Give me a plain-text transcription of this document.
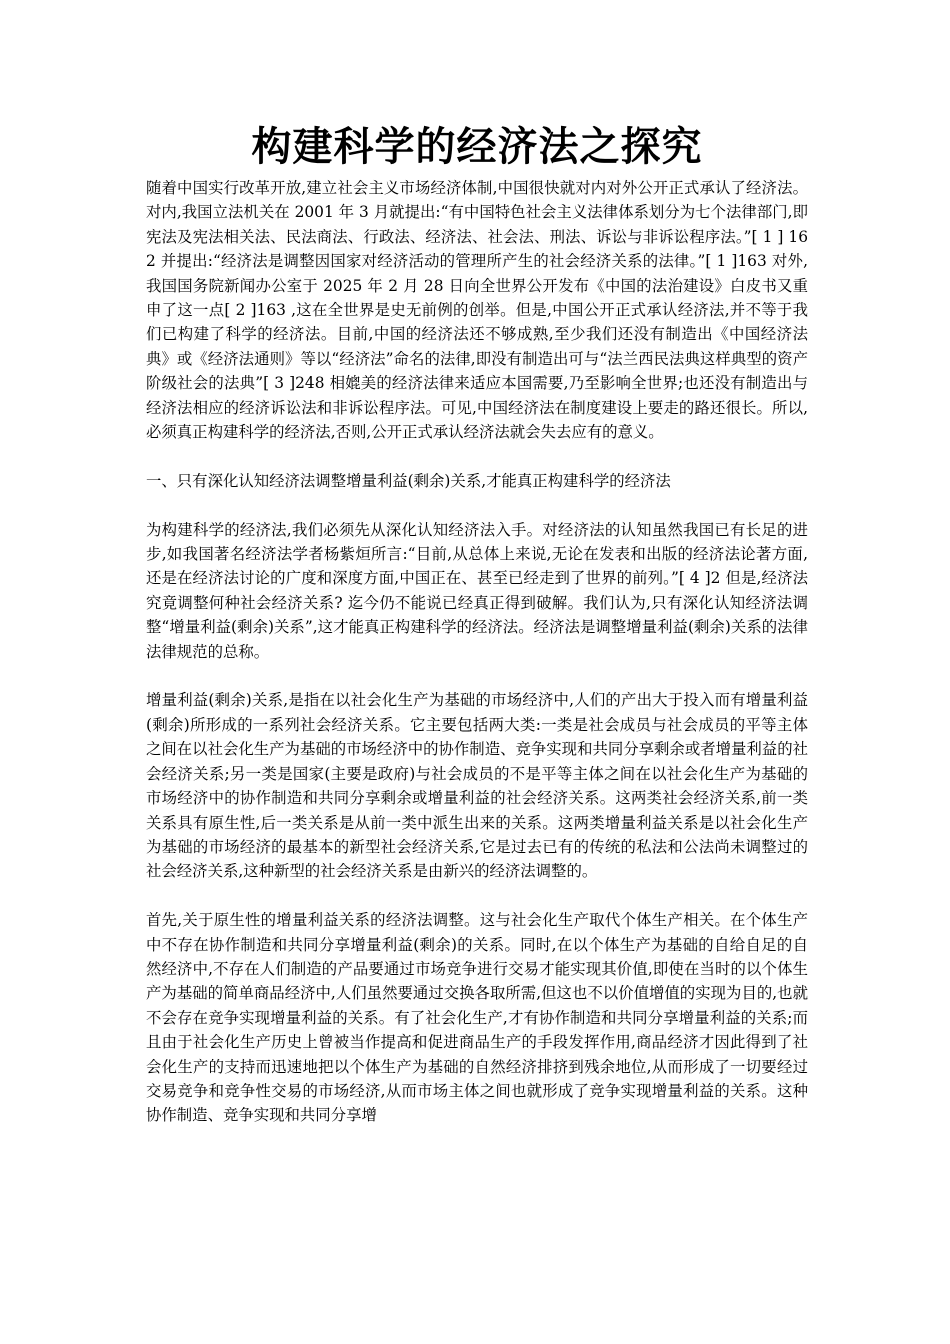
构建科学的经济法之探究

随着中国实行改革开放,建立社会主义市场经济体制,中国很快就对内对外公开正式承认了经济法。对内,我国立法机关在 2001 年 3 月就提出:“有中国特色社会主义法律体系划分为七个法律部门,即宪法及宪法相关法、民法商法、行政法、经济法、社会法、刑法、诉讼与非诉讼程序法。”[ 1 ] 162 并提出:“经济法是调整因国家对经济活动的管理所产生的社会经济关系的法律。”[ 1 ]163 对外,我国国务院新闻办公室于 2025 年 2 月 28 日向全世界公开发布《中国的法治建设》白皮书又重申了这一点[ 2 ]163 ,这在全世界是史无前例的创举。但是,中国公开正式承认经济法,并不等于我们已构建了科学的经济法。目前,中国的经济法还不够成熟,至少我们还没有制造出《中国经济法典》或《经济法通则》等以“经济法”命名的法律,即没有制造出可与“法兰西民法典这样典型的资产阶级社会的法典”[ 3 ]248 相媲美的经济法律来适应本国需要,乃至影响全世界;也还没有制造出与经济法相应的经济诉讼法和非诉讼程序法。可见,中国经济法在制度建设上要走的路还很长。所以,必须真正构建科学的经济法,否则,公开正式承认经济法就会失去应有的意义。

一、只有深化认知经济法调整增量利益(剩余)关系,才能真正构建科学的经济法

为构建科学的经济法,我们必须先从深化认知经济法入手。对经济法的认知虽然我国已有长足的进步,如我国著名经济法学者杨紫烜所言:“目前,从总体上来说,无论在发表和出版的经济法论著方面,还是在经济法讨论的广度和深度方面,中国正在、甚至已经走到了世界的前列。”[ 4 ]2 但是,经济法究竟调整何种社会经济关系? 迄今仍不能说已经真正得到破解。我们认为,只有深化认知经济法调整“增量利益(剩余)关系”,这才能真正构建科学的经济法。经济法是调整增量利益(剩余)关系的法律法律规范的总称。

增量利益(剩余)关系,是指在以社会化生产为基础的市场经济中,人们的产出大于投入而有增量利益(剩余)所形成的一系列社会经济关系。它主要包括两大类:一类是社会成员与社会成员的平等主体之间在以社会化生产为基础的市场经济中的协作制造、竞争实现和共同分享剩余或者增量利益的社会经济关系;另一类是国家(主要是政府)与社会成员的不是平等主体之间在以社会化生产为基础的市场经济中的协作制造和共同分享剩余或增量利益的社会经济关系。这两类社会经济关系,前一类关系具有原生性,后一类关系是从前一类中派生出来的关系。这两类增量利益关系是以社会化生产为基础的市场经济的最基本的新型社会经济关系,它是过去已有的传统的私法和公法尚未调整过的社会经济关系,这种新型的社会经济关系是由新兴的经济法调整的。

首先,关于原生性的增量利益关系的经济法调整。这与社会化生产取代个体生产相关。在个体生产中不存在协作制造和共同分享增量利益(剩余)的关系。同时,在以个体生产为基础的自给自足的自然经济中,不存在人们制造的产品要通过市场竞争进行交易才能实现其价值,即使在当时的以个体生产为基础的简单商品经济中,人们虽然要通过交换各取所需,但这也不以价值增值的实现为目的,也就不会存在竞争实现增量利益的关系。有了社会化生产,才有协作制造和共同分享增量利益的关系;而且由于社会化生产历史上曾被当作提高和促进商品生产的手段发挥作用,商品经济才因此得到了社会化生产的支持而迅速地把以个体生产为基础的自然经济排挤到残余地位,从而形成了一切要经过交易竞争和竞争性交易的市场经济,从而市场主体之间也就形成了竞争实现增量利益的关系。这种协作制造、竞争实现和共同分享增
